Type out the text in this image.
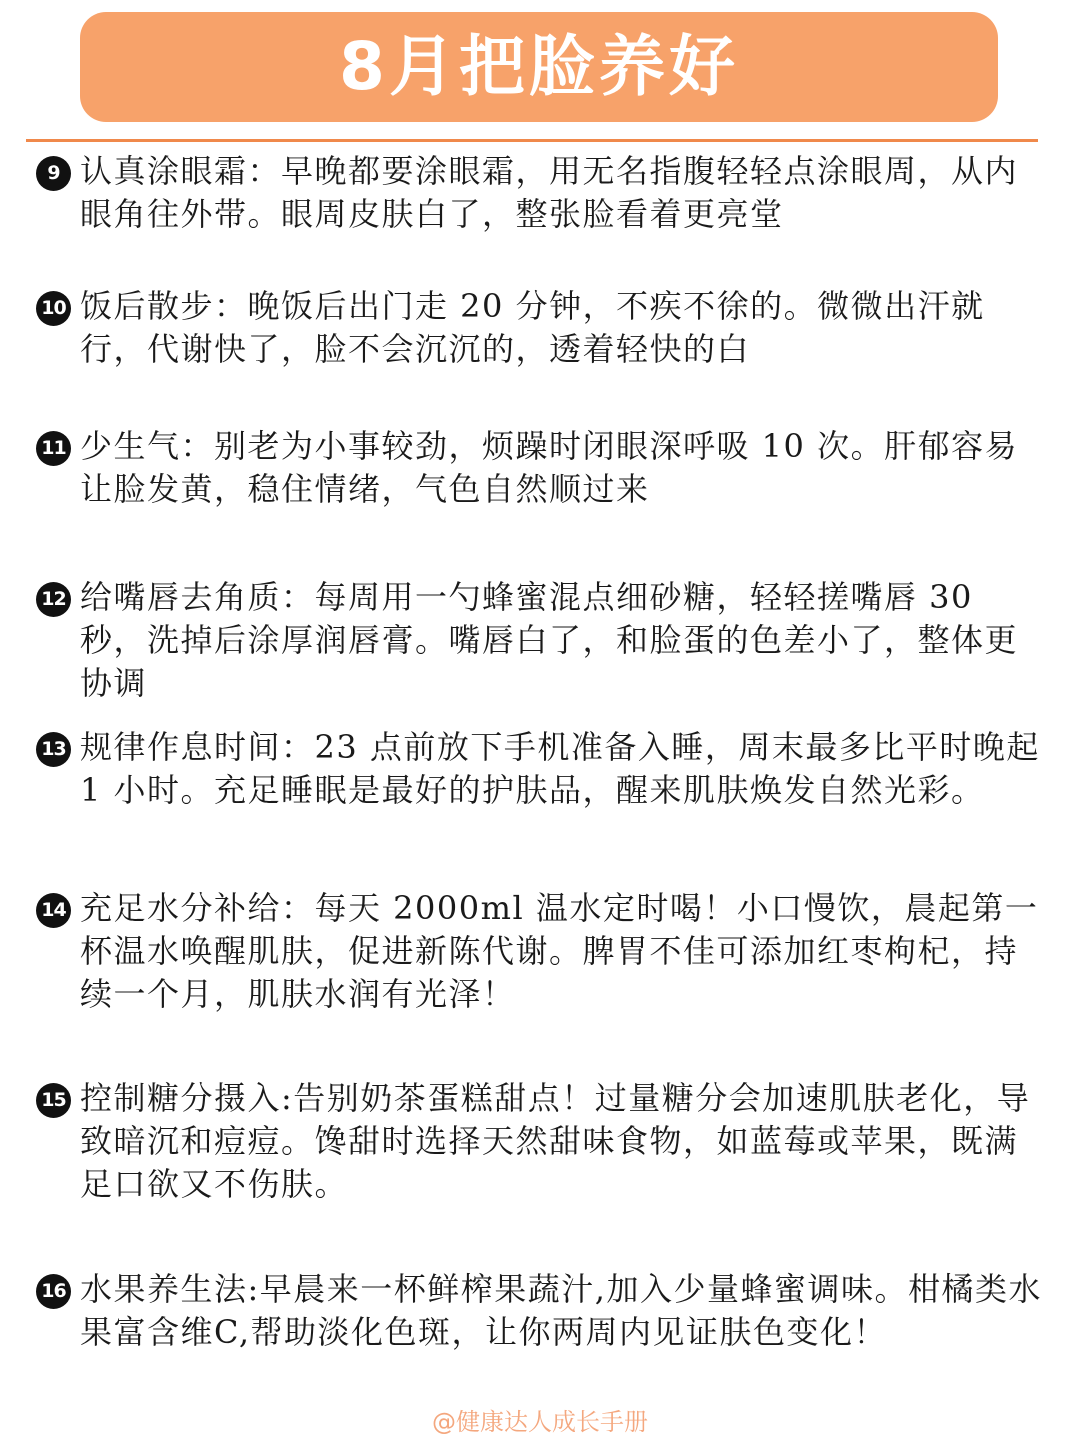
8月把脸养好
9 认真涂眼霜：早晚都要涂眼霜，用无名指腹轻轻点涂眼周，从内眼角往外带。眼周皮肤白了，整张脸看着更亮堂
10 饭后散步：晚饭后出门走 20 分钟，不疾不徐的。微微出汗就行，代谢快了，脸不会沉沉的，透着轻快的白
11 少生气：别老为小事较劲，烦躁时闭眼深呼吸 10 次。肝郁容易让脸发黄，稳住情绪，气色自然顺过来
12 给嘴唇去角质：每周用一勺蜂蜜混点细砂糖，轻轻搓嘴唇 30 秒，洗掉后涂厚润唇膏。嘴唇白了，和脸蛋的色差小了，整体更协调
13 规律作息时间：23 点前放下手机准备入睡，周末最多比平时晚起 1 小时。充足睡眠是最好的护肤品，醒来肌肤焕发自然光彩。
14 充足水分补给：每天 2000ml 温水定时喝！小口慢饮，晨起第一杯温水唤醒肌肤，促进新陈代谢。脾胃不佳可添加红枣枸杞，持续一个月，肌肤水润有光泽！
15 控制糖分摄入:告别奶茶蛋糕甜点！过量糖分会加速肌肤老化，导致暗沉和痘痘。馋甜时选择天然甜味食物，如蓝莓或苹果，既满足口欲又不伤肤。
16 水果养生法:早晨来一杯鲜榨果蔬汁,加入少量蜂蜜调味。柑橘类水果富含维C,帮助淡化色斑，让你两周内见证肤色变化！
@健康达人成长手册
